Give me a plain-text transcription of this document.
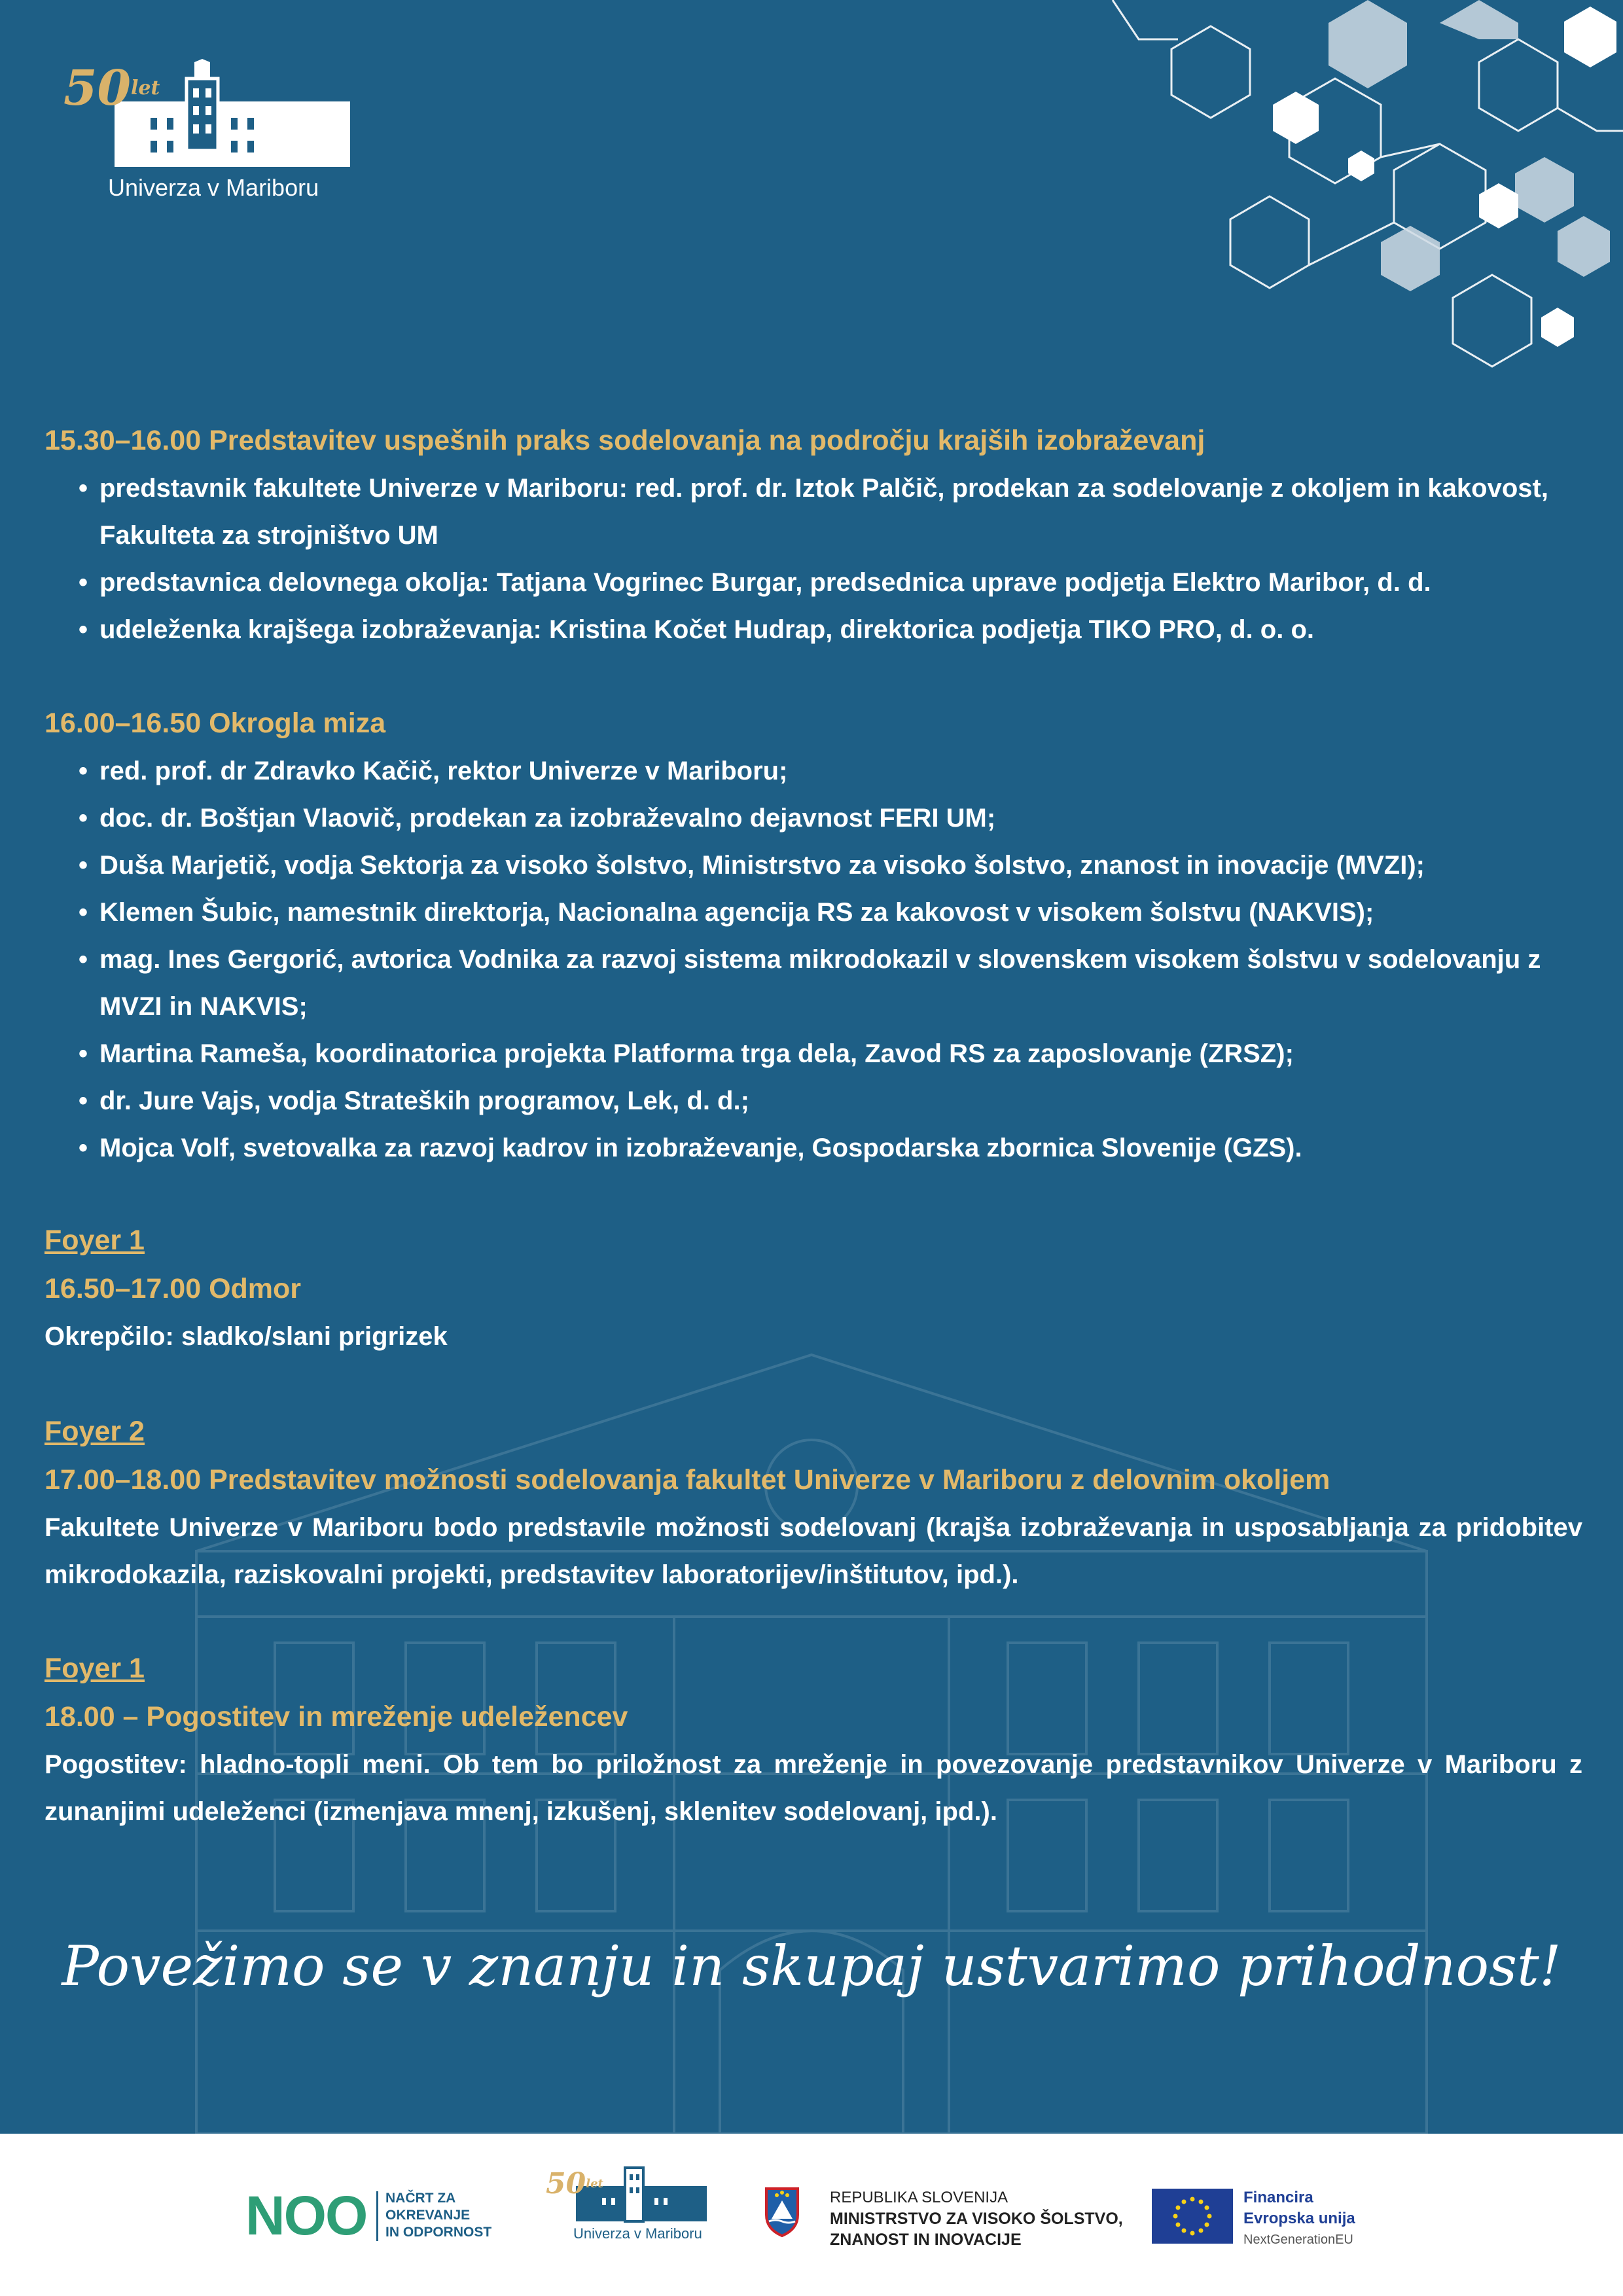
$50^{let}$
Univerza v Mariboru

15.30–16.00 Predstavitev uspešnih praks sodelovanja na področju krajših izobraževanj

• predstavnik fakultete Univerze v Mariboru: red. prof. dr. Iztok Palčič, prodekan za sodelovanje z okoljem in kakovost, Fakulteta za strojništvo UM
• predstavnica delovnega okolja: Tatjana Vogrinec Burgar, predsednica uprave podjetja Elektro Maribor, d. d.
• udeleženka krajšega izobraževanja: Kristina Kočet Hudrap, direktorica podjetja TIKO PRO, d. o. o.

16.00–16.50 Okrogla miza

• red. prof. dr Zdravko Kačič, rektor Univerze v Mariboru;
• doc. dr. Boštjan Vlaovič, prodekan za izobraževalno dejavnost FERI UM;
• Duša Marjetič, vodja Sektorja za visoko šolstvo, Ministrstvo za visoko šolstvo, znanost in inovacije (MVZI);
• Klemen Šubic, namestnik direktorja, Nacionalna agencija RS za kakovost v visokem šolstvu (NAKVIS);
• mag. Ines Gergorić, avtorica Vodnika za razvoj sistema mikrodokazil v slovenskem visokem šolstvu v sodelovanju z MVZI in NAKVIS;
• Martina Rameša, koordinatorica projekta Platforma trga dela, Zavod RS za zaposlovanje (ZRSZ);
• dr. Jure Vajs, vodja Strateških programov, Lek, d. d.;
• Mojca Volf, svetovalka za razvoj kadrov in izobraževanje, Gospodarska zbornica Slovenije (GZS).

Foyer 1

16.50–17.00 Odmor

Okrepčilo: sladko/slani prigrizek

Foyer 2

17.00–18.00 Predstavitev možnosti sodelovanja fakultet Univerze v Mariboru z delovnim okoljem

Fakultete Univerze v Mariboru bodo predstavile možnosti sodelovanj (krajša izobraževanja in usposabljanja za pridobitev mikrodokazila, raziskovalni projekti, predstavitev laboratorijev/inštitutov, ipd.).

Foyer 1

18.00 – Pogostitev in mreženje udeležencev

Pogostitev: hladno-topli meni. Ob tem bo priložnost za mreženje in povezovanje predstavnikov Univerze v Mariboru z zunanjimi udeleženci (izmenjava mnenj, izkušenj, sklenitev sodelovanj, ipd.).

Povežimo se v znanju in skupaj ustvarimo prihodnost!
NOO NAČRT ZA
OKREVANJE
IN ODPORNOST
$50^{let}$
Univerza v Mariboru
REPUBLIKA SLOVENIJA
MINISTRSTVO ZA VISOKO ŠOLSTVO,
ZNANOST IN INOVACIJE
Financira
Evropska unija
NextGenerationEU
